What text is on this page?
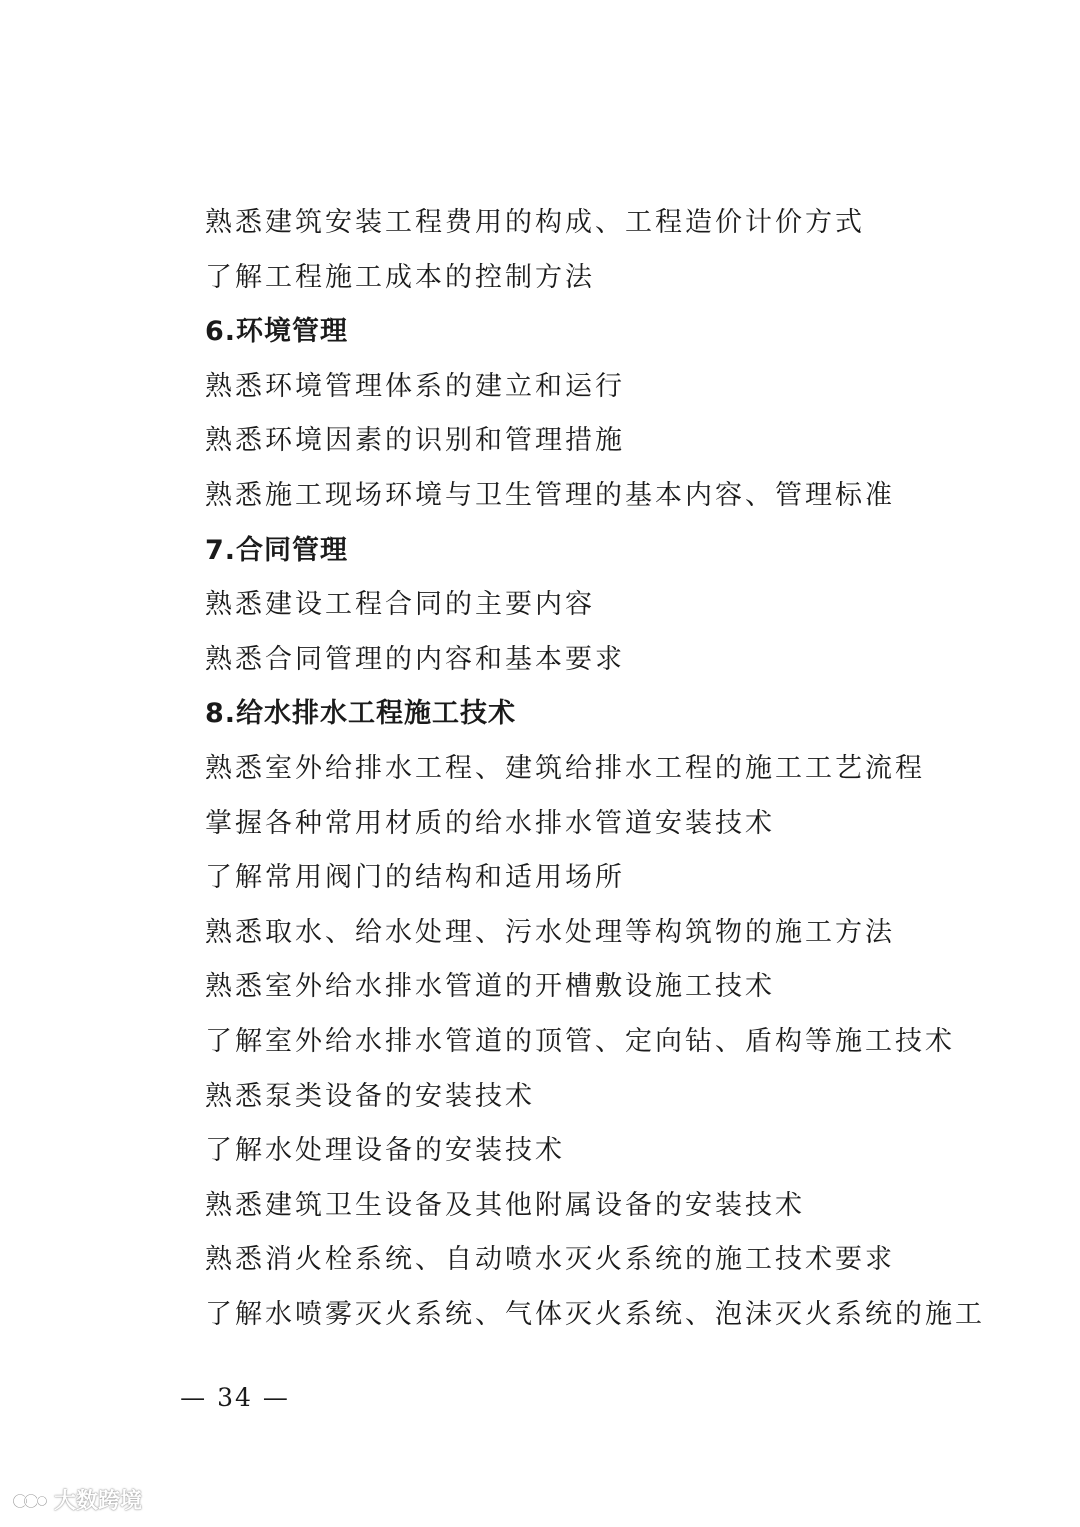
熟悉建筑安装工程费用的构成、工程造价计价方式
了解工程施工成本的控制方法
6.环境管理
熟悉环境管理体系的建立和运行
熟悉环境因素的识别和管理措施
熟悉施工现场环境与卫生管理的基本内容、管理标准
7.合同管理
熟悉建设工程合同的主要内容
熟悉合同管理的内容和基本要求
8.给水排水工程施工技术
熟悉室外给排水工程、建筑给排水工程的施工工艺流程
掌握各种常用材质的给水排水管道安装技术
了解常用阀门的结构和适用场所
熟悉取水、给水处理、污水处理等构筑物的施工方法
熟悉室外给水排水管道的开槽敷设施工技术
了解室外给水排水管道的顶管、定向钻、盾构等施工技术
熟悉泵类设备的安装技术
了解水处理设备的安装技术
熟悉建筑卫生设备及其他附属设备的安装技术
熟悉消火栓系统、自动喷水灭火系统的施工技术要求
了解水喷雾灭火系统、气体灭火系统、泡沫灭火系统的施工
— 34 —
大数跨境
